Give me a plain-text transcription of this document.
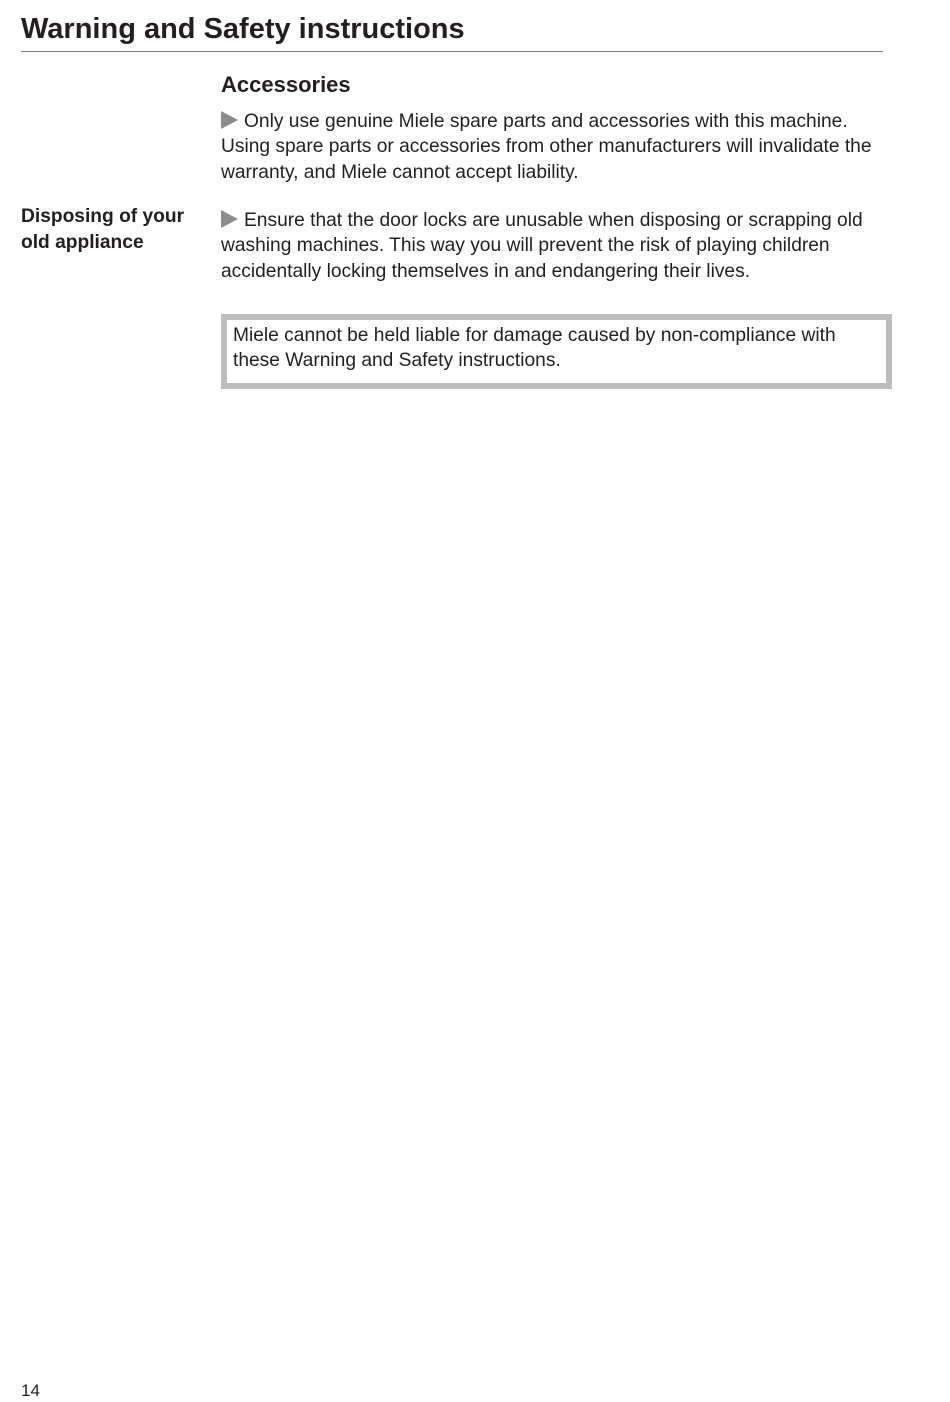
Warning and Safety instructions
Accessories

Only use genuine Miele spare parts and accessories with this machine. Using spare parts or accessories from other manufacturers will invalidate the warranty, and Miele cannot accept liability.

Disposing of your old appliance

Ensure that the door locks are unusable when disposing or scrapping old washing machines. This way you will prevent the risk of playing children accidentally locking themselves in and endangering their lives.

Miele cannot be held liable for damage caused by non-compliance with these Warning and Safety instructions.

14
